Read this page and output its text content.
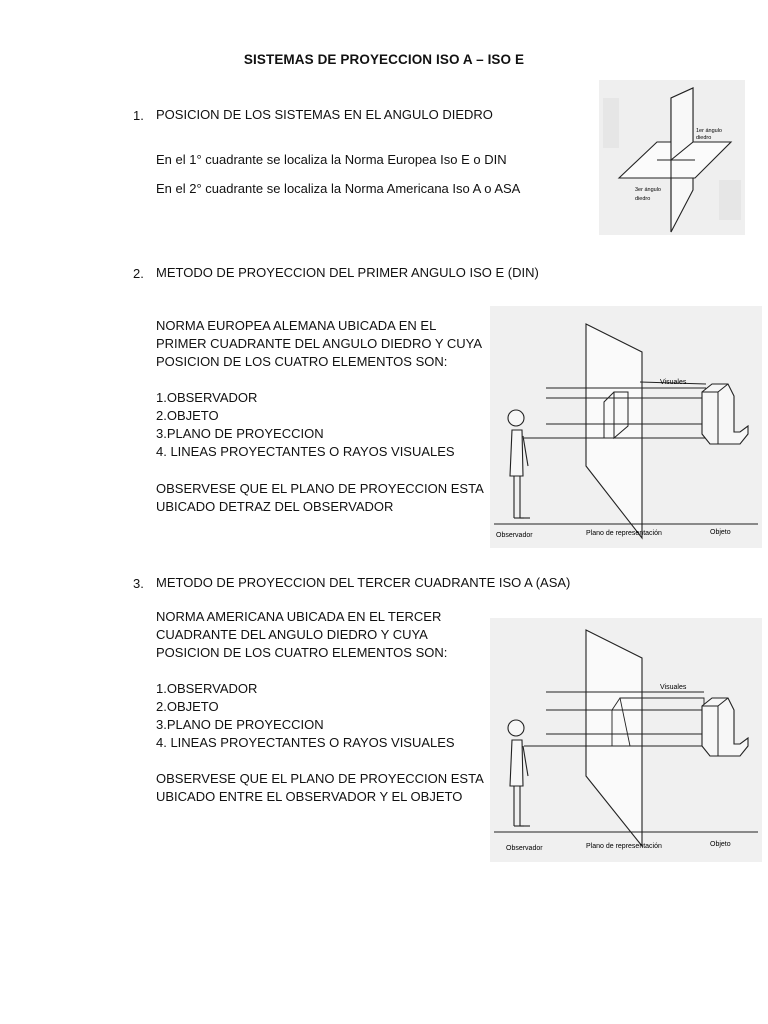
SISTEMAS DE PROYECCION ISO A – ISO E
1. POSICION DE LOS SISTEMAS EN EL ANGULO DIEDRO
En el 1° cuadrante se localiza la Norma Europea Iso E o DIN
En el 2° cuadrante se localiza la Norma Americana Iso A o ASA
1er ángulo
diedro
3er ángulo
diedro
2. METODO DE PROYECCION DEL PRIMER ANGULO ISO E (DIN)
NORMA EUROPEA ALEMANA UBICADA EN EL
PRIMER CUADRANTE DEL ANGULO DIEDRO Y CUYA
POSICION DE LOS CUATRO ELEMENTOS SON:
1.OBSERVADOR
2.OBJETO
3.PLANO DE PROYECCION
4. LINEAS PROYECTANTES O RAYOS VISUALES
OBSERVESE QUE EL PLANO DE PROYECCION ESTA
UBICADO DETRAZ DEL OBSERVADOR
Visuales
Observador	Plano de representación	Objeto
3. METODO DE PROYECCION DEL TERCER CUADRANTE ISO A (ASA)
NORMA AMERICANA UBICADA EN EL TERCER
CUADRANTE DEL ANGULO DIEDRO Y CUYA
POSICION DE LOS CUATRO ELEMENTOS SON:
1.OBSERVADOR
2.OBJETO
3.PLANO DE PROYECCION
4. LINEAS PROYECTANTES O RAYOS VISUALES
OBSERVESE QUE EL PLANO DE PROYECCION ESTA
UBICADO ENTRE EL OBSERVADOR Y EL OBJETO
Visuales
Observador	Plano de representación	Objeto
